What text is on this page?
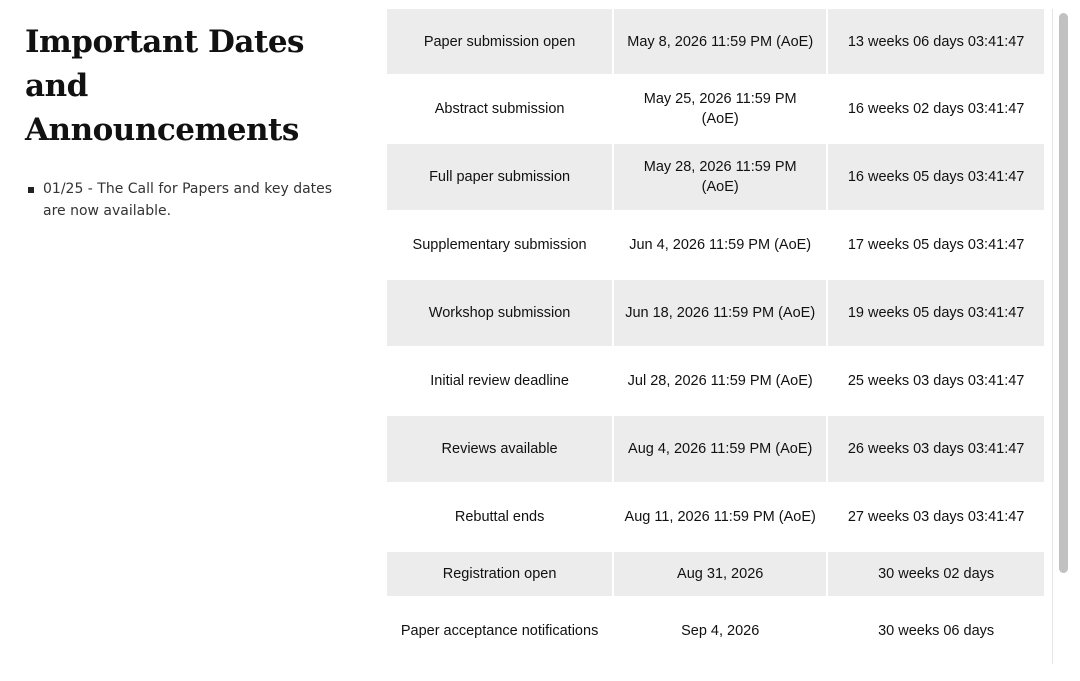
Important Dates and Announcements
01/25 - The Call for Papers and key dates are now available.
Paper submission open	May 8, 2026 11:59 PM (AoE)	13 weeks 06 days 03:41:47
Abstract submission	May 25, 2026 11:59 PM (AoE)	16 weeks 02 days 03:41:47
Full paper submission	May 28, 2026 11:59 PM (AoE)	16 weeks 05 days 03:41:47
Supplementary submission	Jun 4, 2026 11:59 PM (AoE)	17 weeks 05 days 03:41:47
Workshop submission	Jun 18, 2026 11:59 PM (AoE)	19 weeks 05 days 03:41:47
Initial review deadline	Jul 28, 2026 11:59 PM (AoE)	25 weeks 03 days 03:41:47
Reviews available	Aug 4, 2026 11:59 PM (AoE)	26 weeks 03 days 03:41:47
Rebuttal ends	Aug 11, 2026 11:59 PM (AoE)	27 weeks 03 days 03:41:47
Registration open	Aug 31, 2026	30 weeks 02 days
Paper acceptance notifications	Sep 4, 2026	30 weeks 06 days
